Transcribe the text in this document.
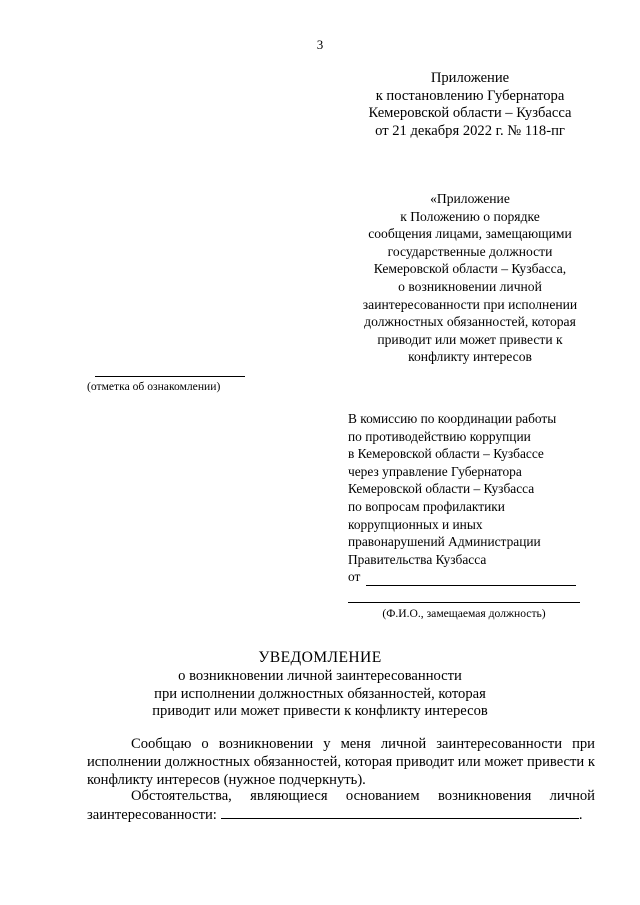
3
Приложение
к постановлению Губернатора
Кемеровской области – Кузбасса
от 21 декабря 2022 г. № 118-пг
«Приложение
к Положению о порядке
сообщения лицами, замещающими
государственные должности
Кемеровской области – Кузбасса,
о возникновении личной
заинтересованности при исполнении
должностных обязанностей, которая
приводит или может привести к
конфликту интересов
(отметка об ознакомлении)
В комиссию по координации работы
по противодействию коррупции
в Кемеровской области – Кузбассе
через управление Губернатора
Кемеровской области – Кузбасса
по вопросам профилактики
коррупционных и иных
правонарушений Администрации
Правительства Кузбасса
от
(Ф.И.О., замещаемая должность)
УВЕДОМЛЕНИЕ
о возникновении личной заинтересованности
при исполнении должностных обязанностей, которая
приводит или может привести к конфликту интересов
Сообщаю о возникновении у меня личной заинтересованности при исполнении должностных обязанностей, которая приводит или может привести к конфликту интересов (нужное подчеркнуть).
Обстоятельства, являющиеся основанием возникновения личной заинтересованности:	.
